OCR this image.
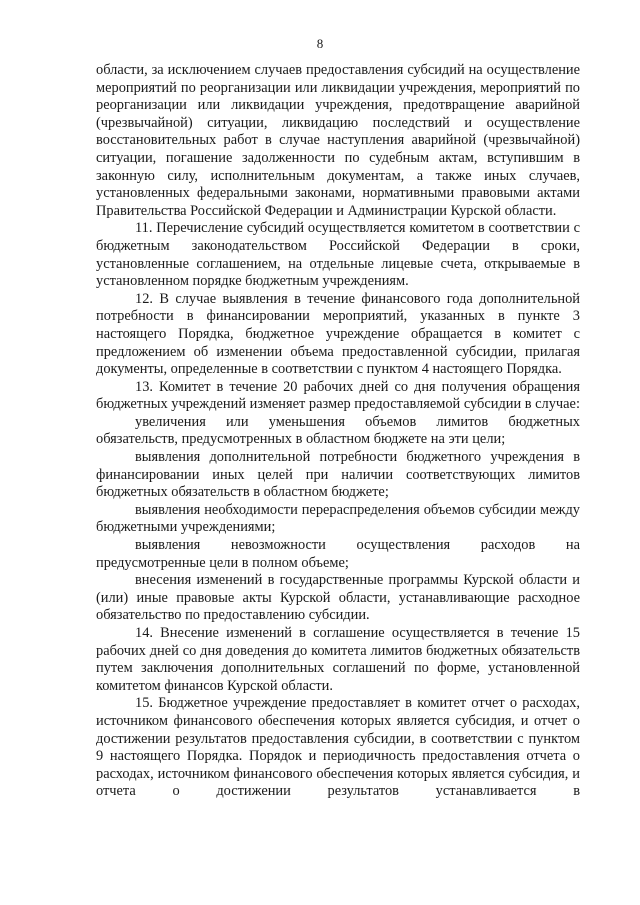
8

области, за исключением случаев предоставления субсидий на осуществление мероприятий по реорганизации или ликвидации учреждения, мероприятий по реорганизации или ликвидации учреждения, предотвращение аварийной (чрезвычайной) ситуации, ликвидацию последствий и осуществление восстановительных работ в случае наступления аварийной (чрезвычайной) ситуации, погашение задолженности по судебным актам, вступившим в законную силу, исполнительным документам, а также иных случаев, установленных федеральными законами, нормативными правовыми актами Правительства Российской Федерации и Администрации Курской области.

11. Перечисление субсидий осуществляется комитетом в соответствии с бюджетным законодательством Российской Федерации в сроки, установленные соглашением, на отдельные лицевые счета, открываемые в установленном порядке бюджетным учреждениям.

12. В случае выявления в течение финансового года дополнительной потребности в финансировании мероприятий, указанных в пункте 3 настоящего Порядка, бюджетное учреждение обращается в комитет с предложением об изменении объема предоставленной субсидии, прилагая документы, определенные в соответствии с пунктом 4 настоящего Порядка.

13. Комитет в течение 20 рабочих дней со дня получения обращения бюджетных учреждений изменяет размер предоставляемой субсидии в случае:

увеличения или уменьшения объемов лимитов бюджетных обязательств, предусмотренных в областном бюджете на эти цели;

выявления дополнительной потребности бюджетного учреждения в финансировании иных целей при наличии соответствующих лимитов бюджетных обязательств в областном бюджете;

выявления необходимости перераспределения объемов субсидии между бюджетными учреждениями;

выявления невозможности осуществления расходов на предусмотренные цели в полном объеме;

внесения изменений в государственные программы Курской области и (или) иные правовые акты Курской области, устанавливающие расходное обязательство по предоставлению субсидии.

14. Внесение изменений в соглашение осуществляется в течение 15 рабочих дней со дня доведения до комитета лимитов бюджетных обязательств путем заключения дополнительных соглашений по форме, установленной комитетом финансов Курской области.

15. Бюджетное учреждение предоставляет в комитет отчет о расходах, источником финансового обеспечения которых является субсидия, и отчет о достижении результатов предоставления субсидии, в соответствии с пунктом 9 настоящего Порядка. Порядок и периодичность предоставления отчета о расходах, источником финансового обеспечения которых является субсидия, и отчета о достижении результатов устанавливается в
